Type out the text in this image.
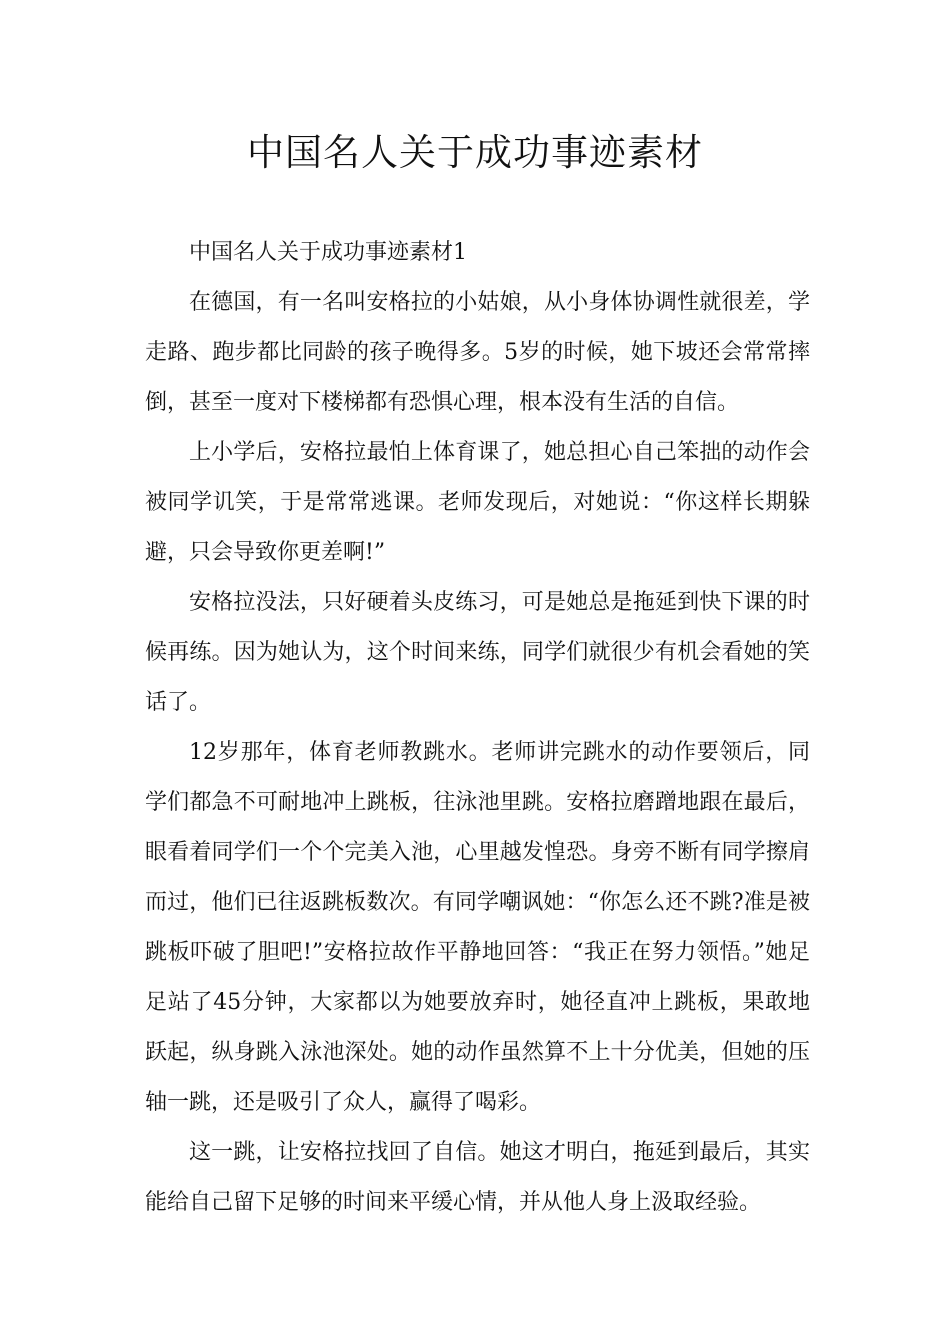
中国名人关于成功事迹素材

中国名人关于成功事迹素材1

在德国，有一名叫安格拉的小姑娘，从小身体协调性就很差，学走路、跑步都比同龄的孩子晚得多。5岁的时候，她下坡还会常常摔倒，甚至一度对下楼梯都有恐惧心理，根本没有生活的自信。

上小学后，安格拉最怕上体育课了，她总担心自己笨拙的动作会被同学讥笑，于是常常逃课。老师发现后，对她说：“你这样长期躲避，只会导致你更差啊!”

安格拉没法，只好硬着头皮练习，可是她总是拖延到快下课的时候再练。因为她认为，这个时间来练，同学们就很少有机会看她的笑话了。

12岁那年，体育老师教跳水。老师讲完跳水的动作要领后，同学们都急不可耐地冲上跳板，往泳池里跳。安格拉磨蹭地跟在最后，眼看着同学们一个个完美入池，心里越发惶恐。身旁不断有同学擦肩而过，他们已往返跳板数次。有同学嘲讽她：“你怎么还不跳?准是被跳板吓破了胆吧!”安格拉故作平静地回答：“我正在努力领悟。”她足足站了45分钟，大家都以为她要放弃时，她径直冲上跳板，果敢地跃起，纵身跳入泳池深处。她的动作虽然算不上十分优美，但她的压轴一跳，还是吸引了众人，赢得了喝彩。

这一跳，让安格拉找回了自信。她这才明白，拖延到最后，其实能给自己留下足够的时间来平缓心情，并从他人身上汲取经验。
